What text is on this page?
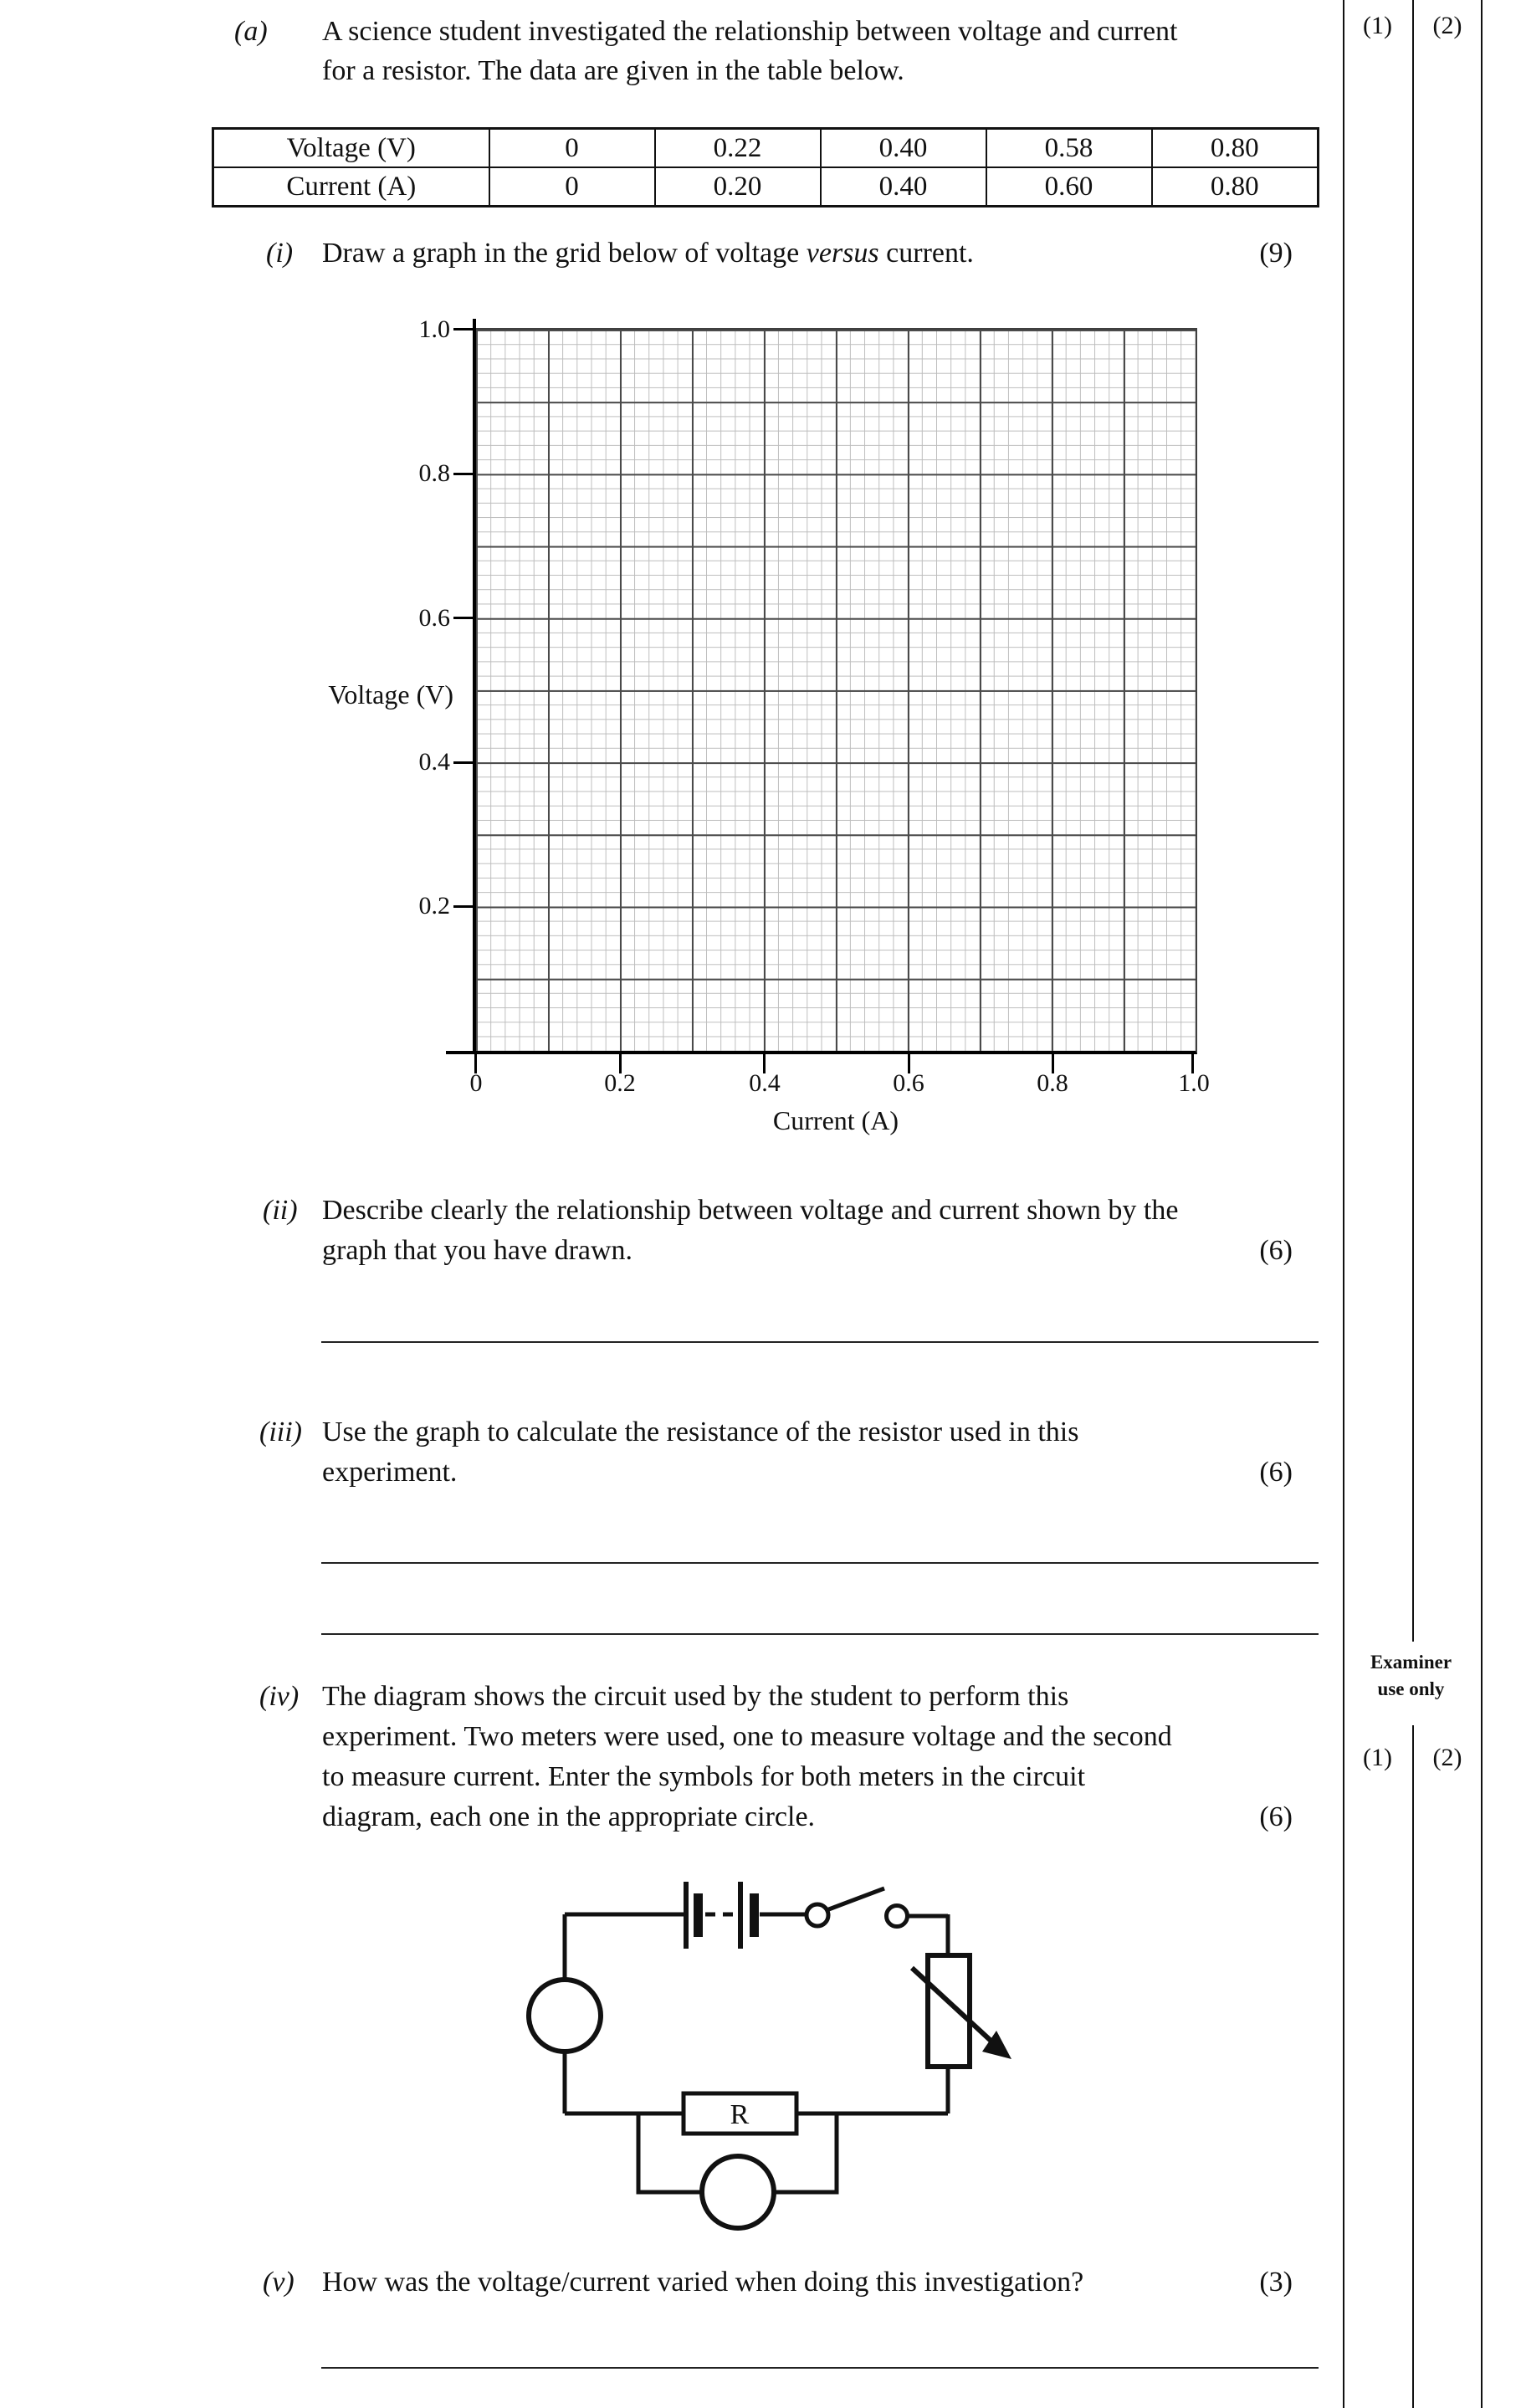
(a) A science student investigated the relationship between voltage and current
for a resistor. The data are given in the table below.
Voltage (V)	0	0.22	0.40	0.58	0.80
Current (A)	0	0.20	0.40	0.60	0.80
(i) Draw a graph in the grid below of voltage versus current.	(9)
1.0
0.8
0.6
0.4
0.2
Voltage (V)
0	0.2	0.4	0.6	0.8	1.0
Current (A)
(ii) Describe clearly the relationship between voltage and current shown by the
graph that you have drawn.	(6)
(iii) Use the graph to calculate the resistance of the resistor used in this
experiment.	(6)
(iv) The diagram shows the circuit used by the student to perform this
experiment. Two meters were used, one to measure voltage and the second
to measure current. Enter the symbols for both meters in the circuit
diagram, each one in the appropriate circle.	(6)
R
(v) How was the voltage/current varied when doing this investigation?	(3)
(1)	(2)
Examiner
use only
(1)	(2)
